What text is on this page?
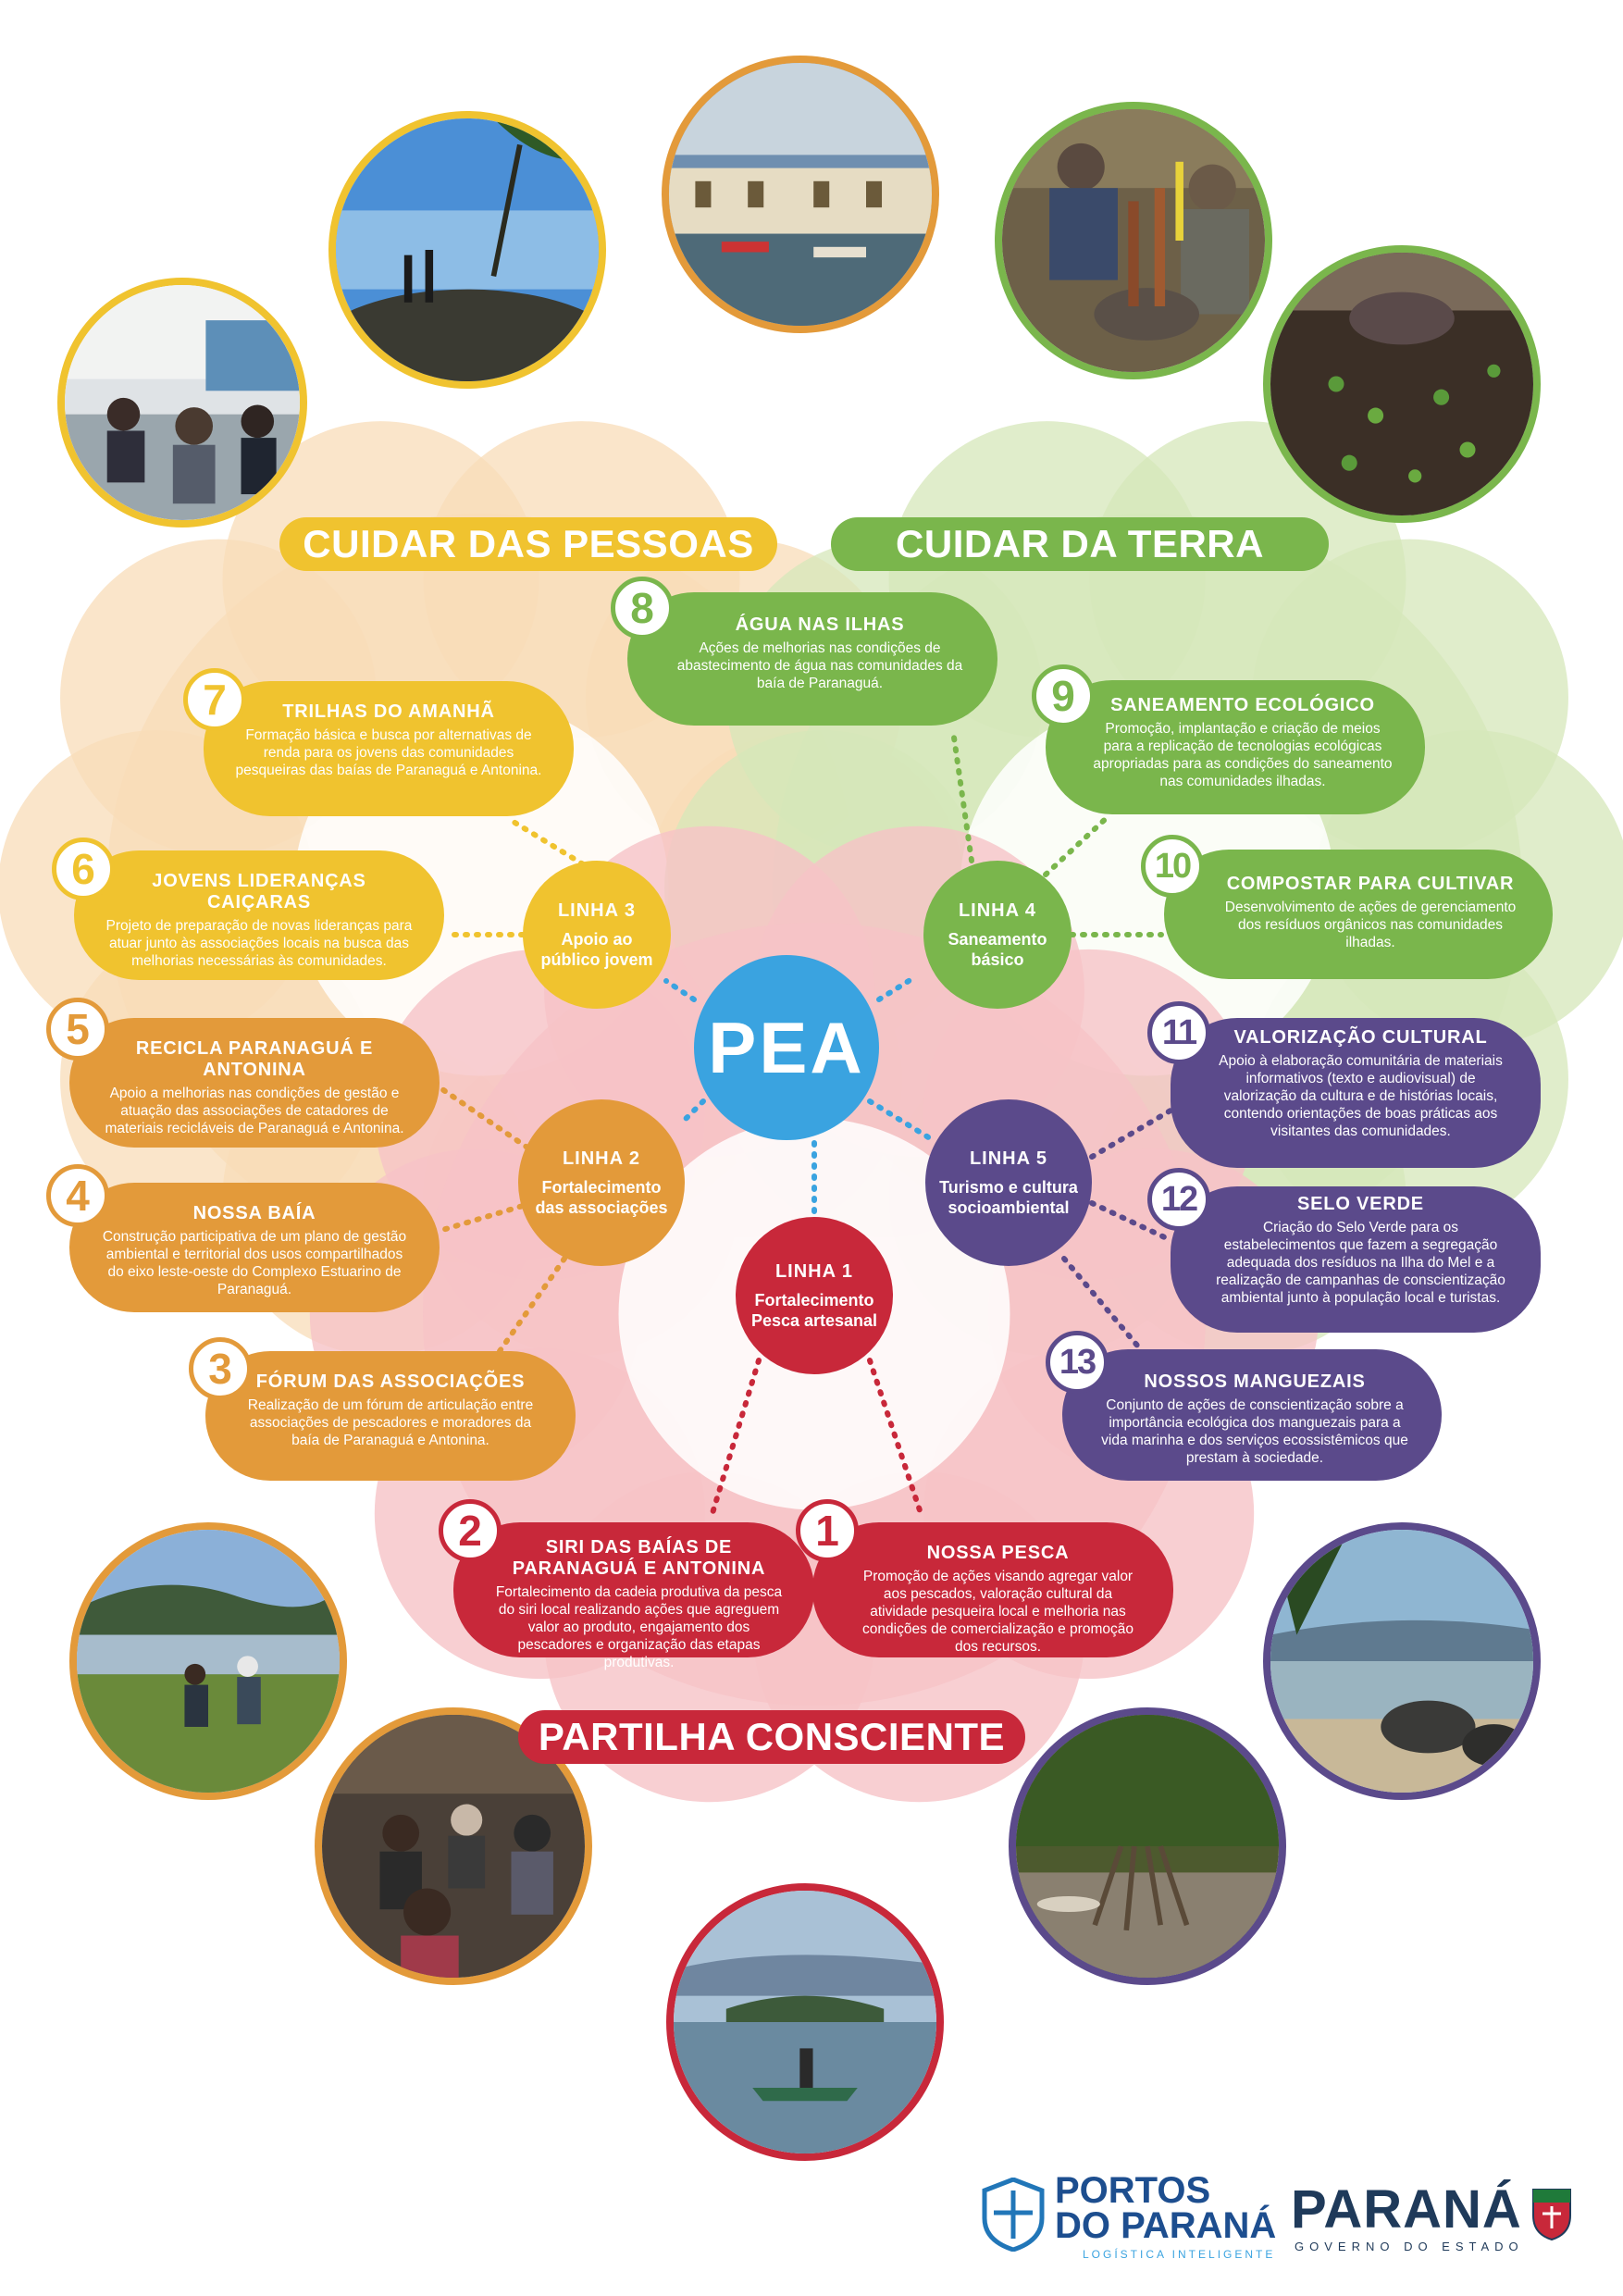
CUIDAR DAS PESSOAS	CUIDAR DA TERRA
PARTILHA CONSCIENTE
TRILHAS DO AMANHÃ
Formação básica e busca por alternativas de renda para os jovens das comunidades pesqueiras das baías de Paranaguá e Antonina.
JOVENS LIDERANÇAS CAIÇARAS
Projeto de preparação de novas lideranças para atuar junto às associações locais na busca das melhorias necessárias às comunidades.
RECICLA PARANAGUÁ E ANTONINA
Apoio a melhorias nas condições de gestão e atuação das associações de catadores de materiais recicláveis de Paranaguá e Antonina.
NOSSA BAÍA
Construção participativa de um plano de gestão ambiental e territorial dos usos compartilhados do eixo leste-oeste do Complexo Estuarino de Paranaguá.
FÓRUM DAS ASSOCIAÇÕES
Realização de um fórum de articulação entre associações de pescadores e moradores da baía de Paranaguá e Antonina.
SIRI DAS BAÍAS DE PARANAGUÁ E ANTONINA
Fortalecimento da cadeia produtiva da pesca do siri local realizando ações que agreguem valor ao produto, engajamento dos pescadores e organização das etapas produtivas.
NOSSA PESCA
Promoção de ações visando agregar valor aos pescados, valoração cultural da atividade pesqueira local e melhoria nas condições de comercialização e promoção dos recursos.
ÁGUA NAS ILHAS
Ações de melhorias nas condições de abastecimento de água nas comunidades da baía de Paranaguá.
SANEAMENTO ECOLÓGICO
Promoção, implantação e criação de meios para a replicação de tecnologias ecológicas apropriadas para as condições do saneamento nas comunidades ilhadas.
COMPOSTAR PARA CULTIVAR
Desenvolvimento de ações de gerenciamento dos resíduos orgânicos nas comunidades ilhadas.
VALORIZAÇÃO CULTURAL
Apoio à elaboração comunitária de materiais informativos (texto e audiovisual) de valorização da cultura e de histórias locais, contendo orientações de boas práticas aos visitantes das comunidades.
SELO VERDE
Criação do Selo Verde para os estabelecimentos que fazem a segregação adequada dos resíduos na Ilha do Mel e a realização de campanhas de conscientização ambiental junto à população local e turistas.
NOSSOS MANGUEZAIS
Conjunto de ações de conscientização sobre a importância ecológica dos manguezais para a vida marinha e dos serviços ecossistêmicos que prestam à sociedade.
7
6
5
4
3
2	1
8
9
10
11
12
13
LINHA 3
Apoio ao público jovem
LINHA 4
Saneamento básico
LINHA 2
Fortalecimento das associações
LINHA 5
Turismo e cultura socioambiental
LINHA 1
Fortalecimento Pesca artesanal
PEA
PORTOS
DO PARANÁ
LOGÍSTICA INTELIGENTE
PARANÁ
GOVERNO DO ESTADO
